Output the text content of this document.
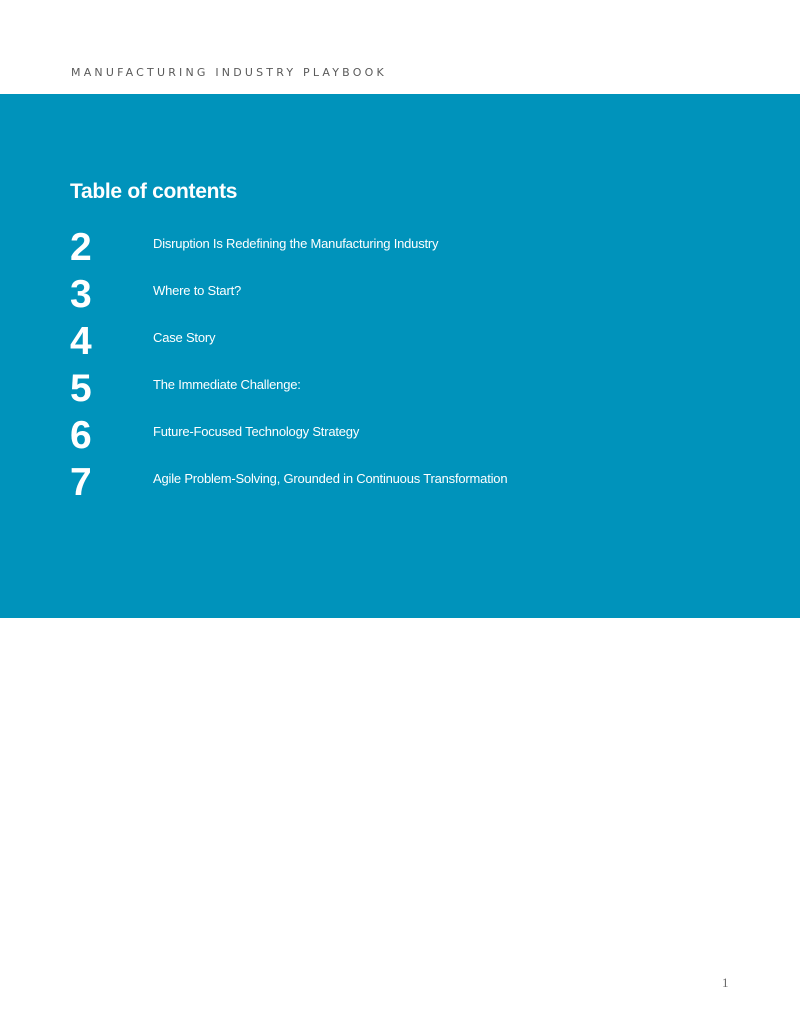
MANUFACTURING INDUSTRY PLAYBOOK
Table of contents
2	Disruption Is Redefining the Manufacturing Industry
3	Where to Start?
4	Case Story
5	The Immediate Challenge:
6	Future-Focused Technology Strategy
7	Agile Problem-Solving, Grounded in Continuous Transformation
1
